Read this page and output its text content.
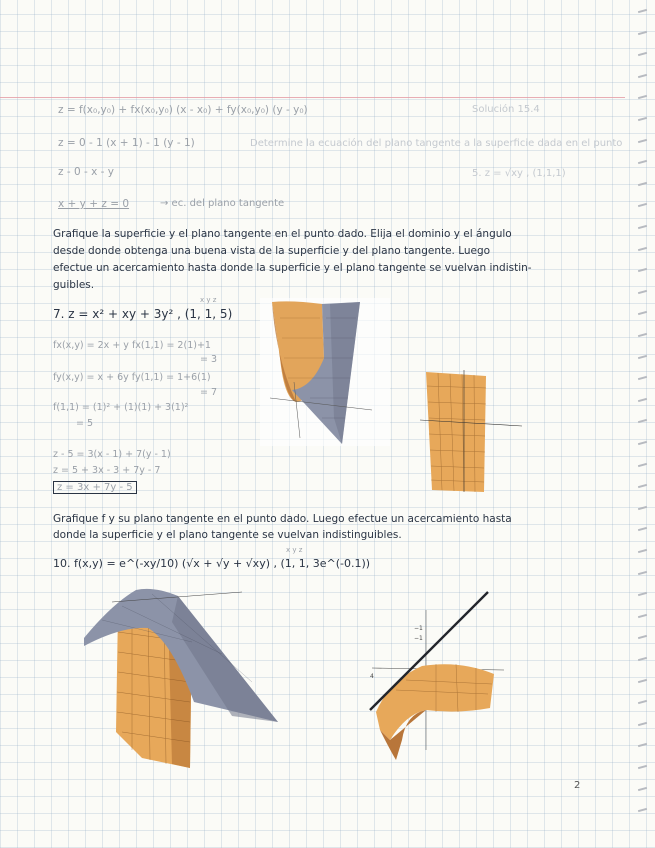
Solución 15.4
Determine la ecuación del plano tangente a la superficie dada en el punto
5. z = √xy , (1,1,1)
z = f(x₀,y₀) + fx(x₀,y₀) (x - x₀) + fy(x₀,y₀) (y - y₀)
z = 0 - 1 (x + 1) - 1 (y - 1)
z - 0 - x - y
x + y + z = 0	→ ec. del plano tangente
Grafique la superficie y el plano tangente en el punto dado. Elija el dominio y el ángulo
desde donde obtenga una buena vista de la superficie y del plano tangente. Luego
efectue un acercamiento hasta donde la superficie y el plano tangente se vuelvan indistin-
guibles.
x y z
7. z = x² + xy + 3y² , (1, 1, 5)
fx(x,y) = 2x + y fx(1,1) = 2(1)+1
= 3
fy(x,y) = x + 6y fy(1,1) = 1+6(1)
= 7
f(1,1) = (1)² + (1)(1) + 3(1)²
= 5
z - 5 = 3(x - 1) + 7(y - 1)
z = 5 + 3x - 3 + 7y - 7
z = 3x + 7y - 5
Grafique f y su plano tangente en el punto dado. Luego efectue un acercamiento hasta
donde la superficie y el plano tangente se vuelvan indistinguibles.
x y z
10. f(x,y) = e^(-xy/10) (√x + √y + √xy) , (1, 1, 3e^(-0.1))
−1
−1
4
2
